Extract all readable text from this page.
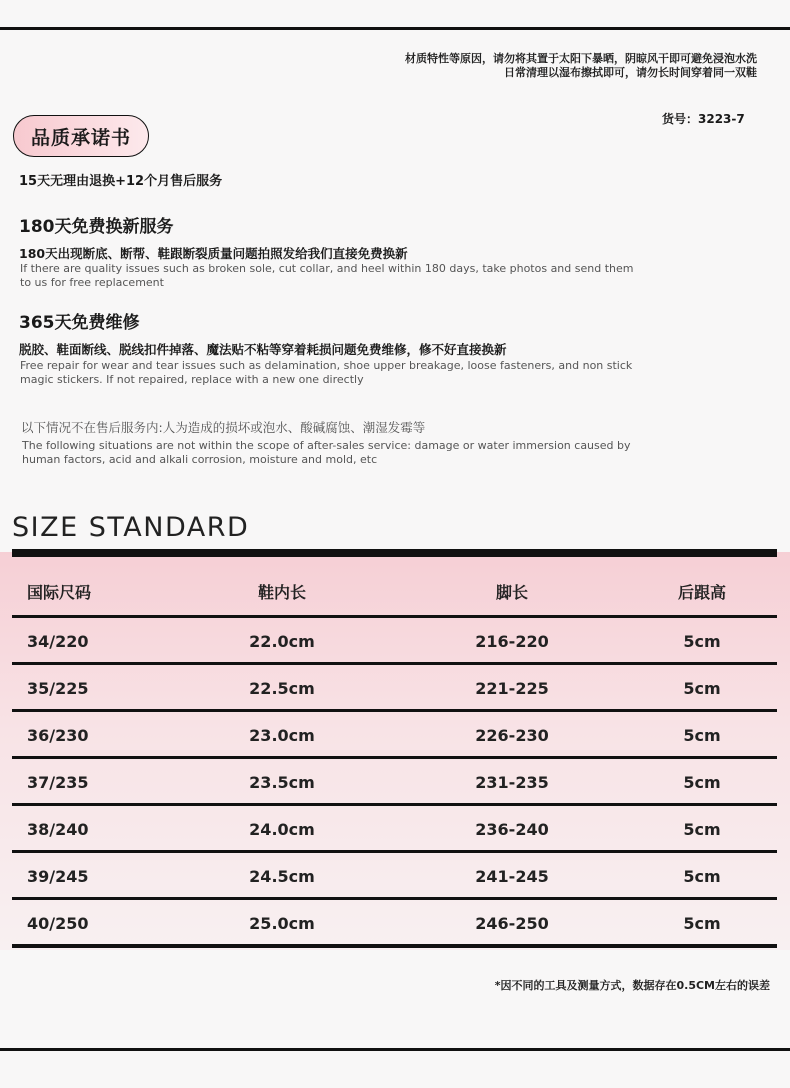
材质特性等原因，请勿将其置于太阳下暴晒，阴晾风干即可避免浸泡水洗
日常清理以湿布擦拭即可，请勿长时间穿着同一双鞋
货号：3223-7
品质承诺书
15天无理由退换+12个月售后服务
180天免费换新服务
180天出现断底、断帮、鞋跟断裂质量问题拍照发给我们直接免费换新
If there are quality issues such as broken sole, cut collar, and heel within 180 days, take photos and send them to us for free replacement
365天免费维修
脱胶、鞋面断线、脱线扣件掉落、魔法贴不粘等穿着耗损问题免费维修，修不好直接换新
Free repair for wear and tear issues such as delamination, shoe upper breakage, loose fasteners, and non stick magic stickers. If not repaired, replace with a new one directly
以下情况不在售后服务内:人为造成的损坏或泡水、酸碱腐蚀、潮湿发霉等
The following situations are not within the scope of after-sales service: damage or water immersion caused by human factors, acid and alkali corrosion, moisture and mold, etc
SIZE STANDARD
国际尺码	鞋内长	脚长	后跟高
34/220	22.0cm	216-220	5cm
35/225	22.5cm	221-225	5cm
36/230	23.0cm	226-230	5cm
37/235	23.5cm	231-235	5cm
38/240	24.0cm	236-240	5cm
39/245	24.5cm	241-245	5cm
40/250	25.0cm	246-250	5cm
*因不同的工具及测量方式，数据存在0.5CM左右的误差
